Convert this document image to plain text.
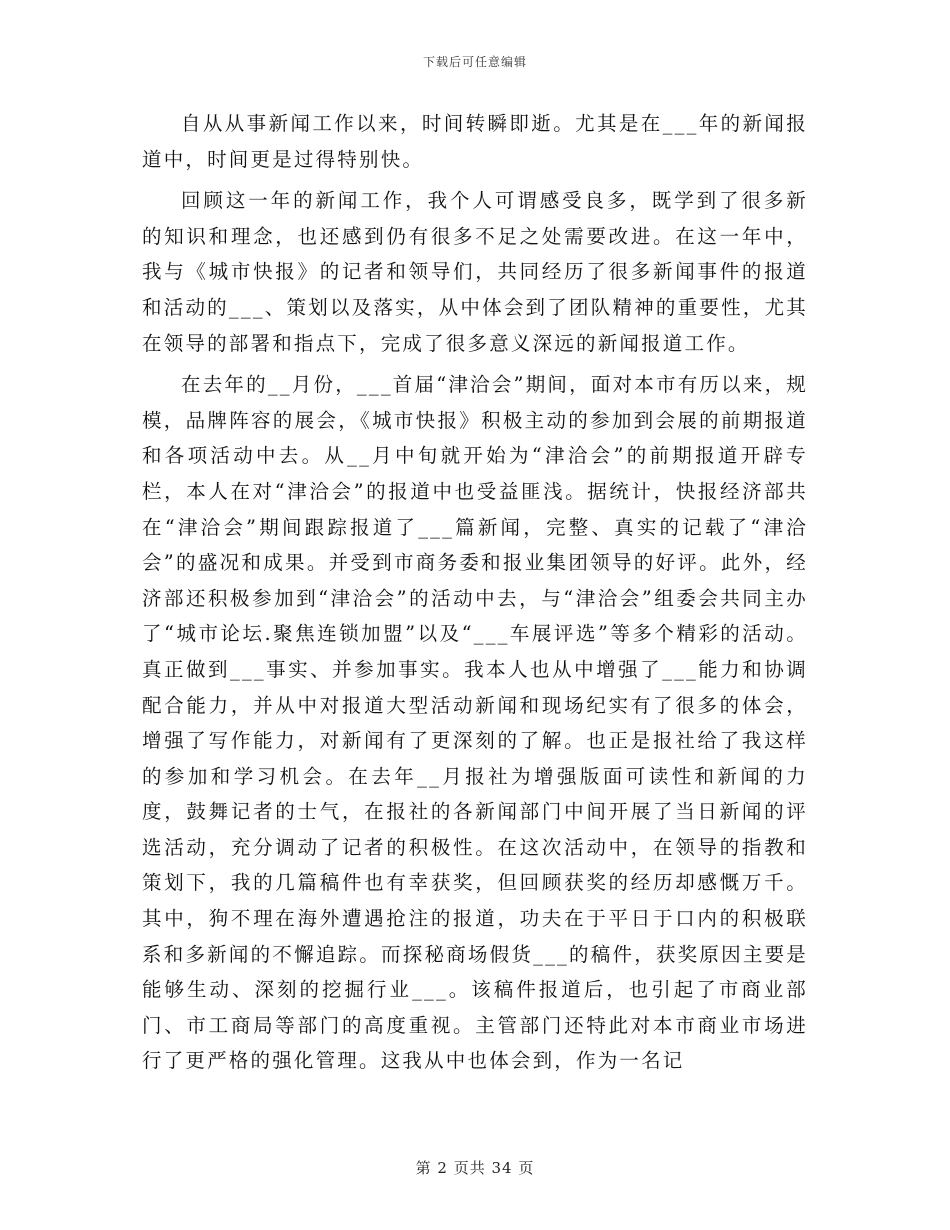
下载后可任意编辑

自从从事新闻工作以来，时间转瞬即逝。尤其是在___年的新闻报道中，时间更是过得特别快。

回顾这一年的新闻工作，我个人可谓感受良多，既学到了很多新的知识和理念，也还感到仍有很多不足之处需要改进。在这一年中，我与《城市快报》的记者和领导们，共同经历了很多新闻事件的报道和活动的___、策划以及落实，从中体会到了团队精神的重要性，尤其在领导的部署和指点下，完成了很多意义深远的新闻报道工作。

在去年的__月份，___首届“津洽会”期间，面对本市有历以来，规模，品牌阵容的展会，《城市快报》积极主动的参加到会展的前期报道和各项活动中去。从__月中旬就开始为“津洽会”的前期报道开辟专栏，本人在对“津洽会”的报道中也受益匪浅。据统计，快报经济部共在“津洽会”期间跟踪报道了___篇新闻，完整、真实的记载了“津洽会”的盛况和成果。并受到市商务委和报业集团领导的好评。此外，经济部还积极参加到“津洽会”的活动中去，与“津洽会”组委会共同主办了“城市论坛.聚焦连锁加盟”以及“___车展评选”等多个精彩的活动。真正做到___事实、并参加事实。我本人也从中增强了___能力和协调配合能力，并从中对报道大型活动新闻和现场纪实有了很多的体会，增强了写作能力，对新闻有了更深刻的了解。也正是报社给了我这样的参加和学习机会。在去年__月报社为增强版面可读性和新闻的力度，鼓舞记者的士气，在报社的各新闻部门中间开展了当日新闻的评选活动，充分调动了记者的积极性。在这次活动中，在领导的指教和策划下，我的几篇稿件也有幸获奖，但回顾获奖的经历却感慨万千。其中，狗不理在海外遭遇抢注的报道，功夫在于平日于口内的积极联系和多新闻的不懈追踪。而探秘商场假货___的稿件，获奖原因主要是能够生动、深刻的挖掘行业___。该稿件报道后，也引起了市商业部门、市工商局等部门的高度重视。主管部门还特此对本市商业市场进行了更严格的强化管理。这我从中也体会到，作为一名记

第 2 页共 34 页
